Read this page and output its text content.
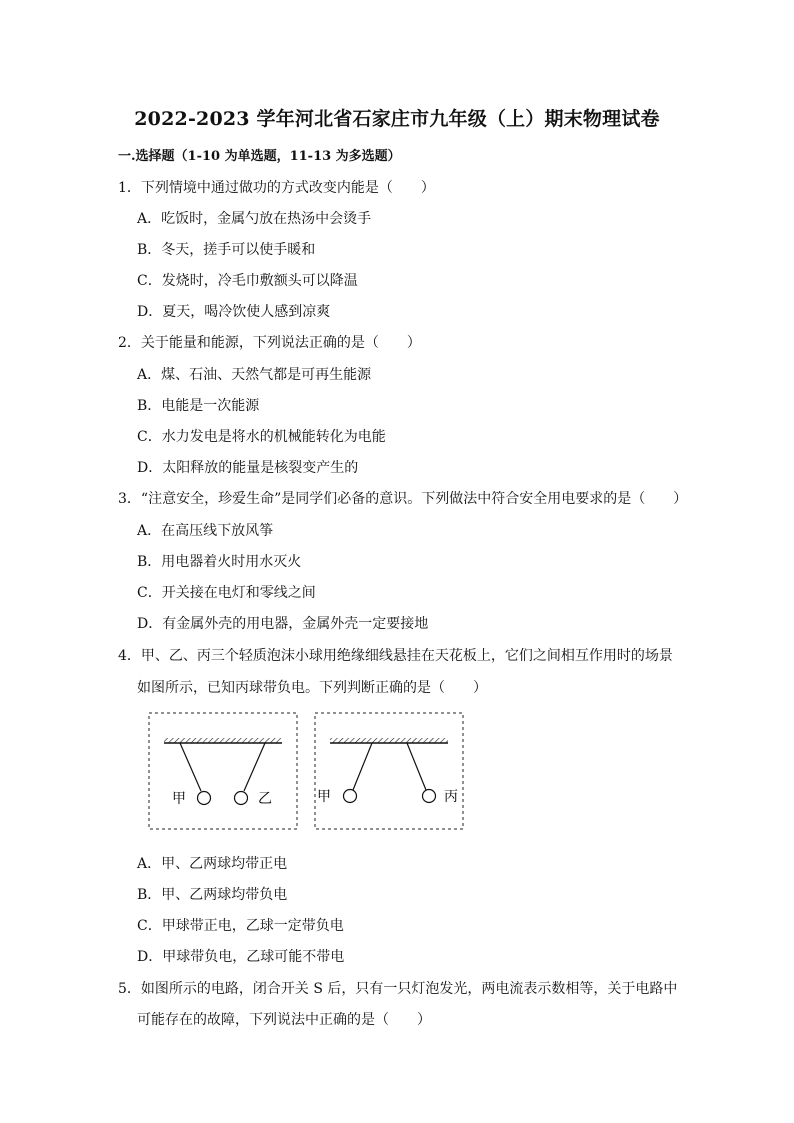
2022-2023 学年河北省石家庄市九年级（上）期末物理试卷
一.选择题（1-10 为单选题，11-13 为多选题）
1．下列情境中通过做功的方式改变内能是（　　）
A．吃饭时，金属勺放在热汤中会烫手
B．冬天，搓手可以使手暖和
C．发烧时，冷毛巾敷额头可以降温
D．夏天，喝冷饮使人感到凉爽
2．关于能量和能源，下列说法正确的是（　　）
A．煤、石油、天然气都是可再生能源
B．电能是一次能源
C．水力发电是将水的机械能转化为电能
D．太阳释放的能量是核裂变产生的
3．“注意安全，珍爱生命”是同学们必备的意识。下列做法中符合安全用电要求的是（　　）
A．在高压线下放风筝
B．用电器着火时用水灭火
C．开关接在电灯和零线之间
D．有金属外壳的用电器，金属外壳一定要接地
4．甲、乙、丙三个轻质泡沫小球用绝缘细线悬挂在天花板上，它们之间相互作用时的场景
如图所示，已知丙球带负电。下列判断正确的是（　　）
甲	乙	甲	丙
A．甲、乙两球均带正电
B．甲、乙两球均带负电
C．甲球带正电，乙球一定带负电
D．甲球带负电，乙球可能不带电
5．如图所示的电路，闭合开关 S 后，只有一只灯泡发光，两电流表示数相等，关于电路中
可能存在的故障，下列说法中正确的是（　　）
